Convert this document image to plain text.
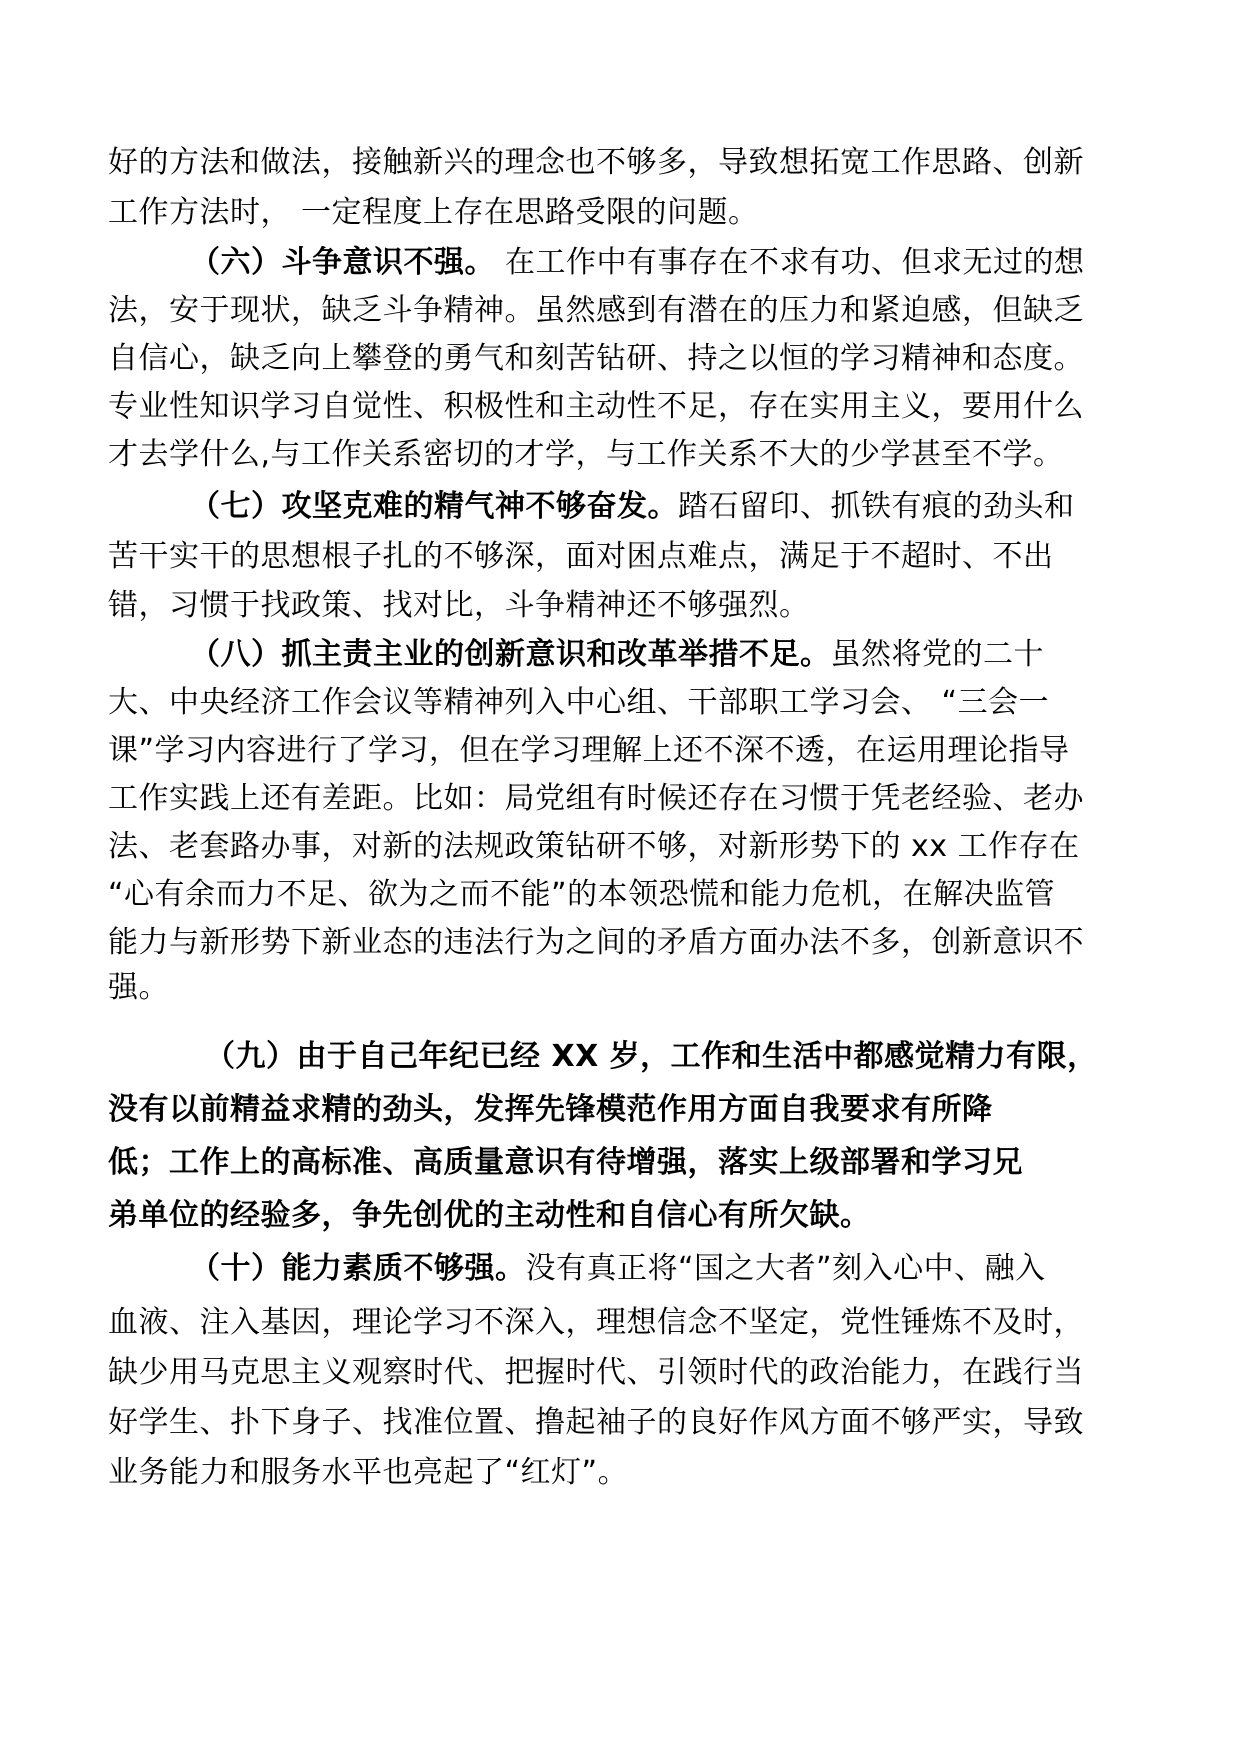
好的方法和做法，接触新兴的理念也不够多，导致想拓宽工作思路、创新
工作方法时， 一定程度上存在思路受限的问题。
（六）斗争意识不强。 在工作中有事存在不求有功、但求无过的想
法，安于现状，缺乏斗争精神。虽然感到有潜在的压力和紧迫感，但缺乏
自信心，缺乏向上攀登的勇气和刻苦钻研、持之以恒的学习精神和态度。
专业性知识学习自觉性、积极性和主动性不足，存在实用主义，要用什么
才去学什么,与工作关系密切的才学，与工作关系不大的少学甚至不学。
（七）攻坚克难的精气神不够奋发。踏石留印、抓铁有痕的劲头和
苦干实干的思想根子扎的不够深，面对困点难点，满足于不超时、不出
错，习惯于找政策、找对比，斗争精神还不够强烈。
（八）抓主责主业的创新意识和改革举措不足。虽然将党的二十
大、中央经济工作会议等精神列入中心组、干部职工学习会、 “三会一
课”学习内容进行了学习，但在学习理解上还不深不透，在运用理论指导
工作实践上还有差距。比如：局党组有时候还存在习惯于凭老经验、老办
法、老套路办事，对新的法规政策钻研不够，对新形势下的 xx 工作存在
“心有余而力不足、欲为之而不能”的本领恐慌和能力危机，在解决监管
能力与新形势下新业态的违法行为之间的矛盾方面办法不多，创新意识不
强。
（九）由于自己年纪已经 XX 岁，工作和生活中都感觉精力有限，
没有以前精益求精的劲头，发挥先锋模范作用方面自我要求有所降
低；工作上的高标准、高质量意识有待增强，落实上级部署和学习兄
弟单位的经验多，争先创优的主动性和自信心有所欠缺。
（十）能力素质不够强。没有真正将“国之大者”刻入心中、融入
血液、注入基因，理论学习不深入，理想信念不坚定，党性锤炼不及时，
缺少用马克思主义观察时代、把握时代、引领时代的政治能力，在践行当
好学生、扑下身子、找准位置、撸起袖子的良好作风方面不够严实，导致
业务能力和服务水平也亮起了“红灯”。
